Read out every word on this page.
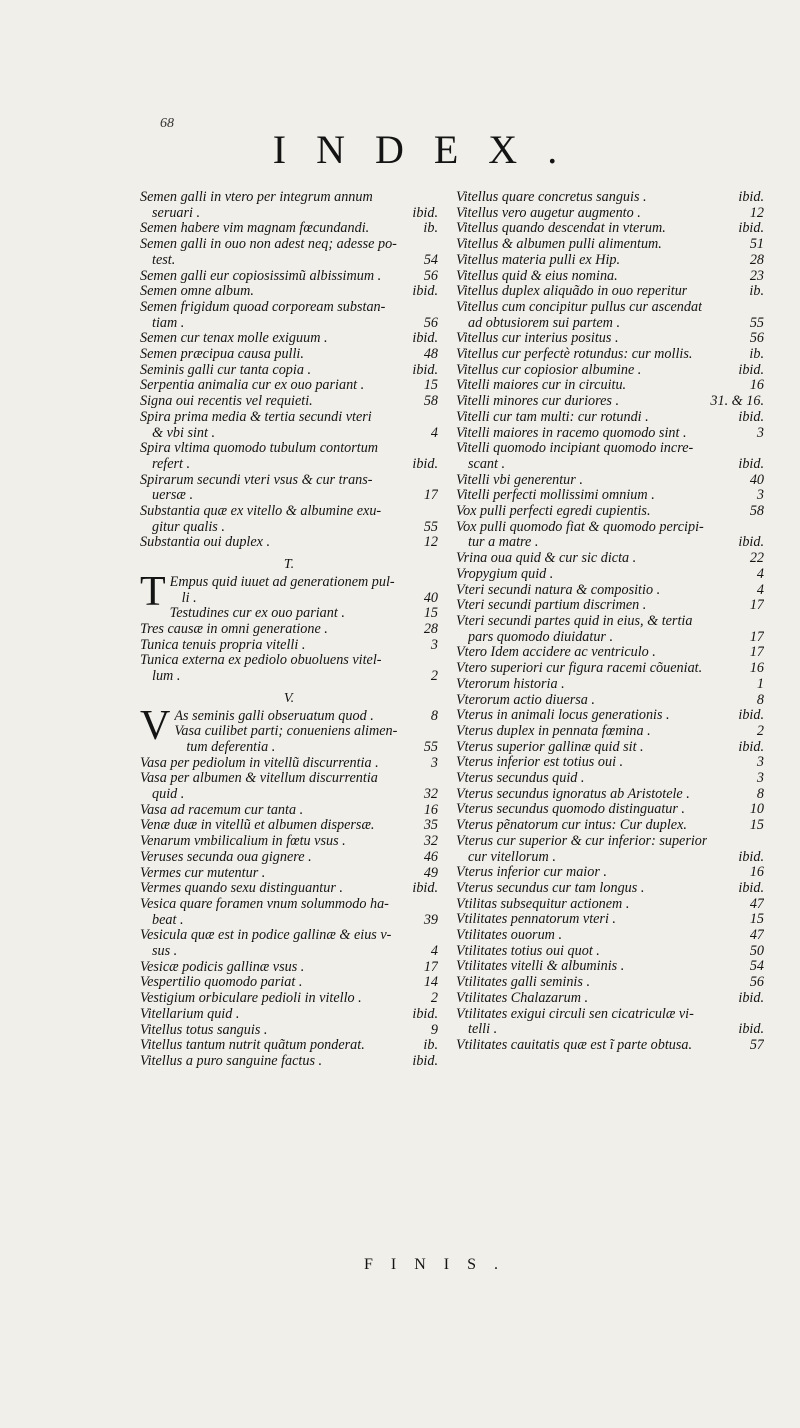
68
INDEX.
Semen galli in vtero per integrum annum
seruari .	ibid.
Semen habere vim magnam fœcundandi.	ib.
Semen galli in ouo non adest neq; adesse po-
test.	54
Semen galli eur copiosissimũ albissimum .	56
Semen omne album.	ibid.
Semen frigidum quoad corpoream substan-
tiam .	56
Semen cur tenax molle exiguum .	ibid.
Semen præcipua causa pulli.	48
Seminis galli cur tanta copia .	ibid.
Serpentia animalia cur ex ouo pariant .	15
Signa oui recentis vel requieti.	58
Spira prima media & tertia secundi vteri
& vbi sint .	4
Spira vltima quomodo tubulum contortum
refert .	ibid.
Spirarum secundi vteri vsus & cur trans-
uersæ .	17
Substantia quæ ex vitello & albumine exu-
gitur qualis .	55
Substantia oui duplex .	12
T.
T Empus quid iuuet ad generationem pul-
li .	40
Testudines cur ex ouo pariant .	15
Tres causæ in omni generatione .	28
Tunica tenuis propria vitelli .	3
Tunica externa ex pediolo obuoluens vitel-
lum .	2
V.
V As seminis galli obseruatum quod .	8
Vasa cuilibet parti; conueniens alimen-
tum deferentia .	55
Vasa per pediolum in vitellũ discurrentia .	3
Vasa per albumen & vitellum discurrentia
quid .	32
Vasa ad racemum cur tanta .	16
Venæ duæ in vitellũ et albumen dispersæ.	35
Venarum vmbilicalium in fœtu vsus .	32
Veruses secunda oua gignere .	46
Vermes cur mutentur .	49
Vermes quando sexu distinguantur .	ibid.
Vesica quare foramen vnum solummodo ha-
beat .	39
Vesicula quæ est in podice gallinæ & eius v-
sus .	4
Vesicæ podicis gallinæ vsus .	17
Vespertilio quomodo pariat .	14
Vestigium orbiculare pedioli in vitello .	2
Vitellarium quid .	ibid.
Vitellus totus sanguis .	9
Vitellus tantum nutrit quãtum ponderat.	ib.
Vitellus a puro sanguine factus .	ibid.
Vitellus quare concretus sanguis .	ibid.
Vitellus vero augetur augmento .	12
Vitellus quando descendat in vterum.	ibid.
Vitellus & albumen pulli alimentum.	51
Vitellus materia pulli ex Hip.	28
Vitellus quid & eius nomina.	23
Vitellus duplex aliquãdo in ouo reperitur	ib.
Vitellus cum concipitur pullus cur ascendat
ad obtusiorem sui partem .	55
Vitellus cur interius positus .	56
Vitellus cur perfectè rotundus: cur mollis.	ib.
Vitellus cur copiosior albumine .	ibid.
Vitelli maiores cur in circuitu.	16
Vitelli minores cur duriores .	31. & 16.
Vitelli cur tam multi: cur rotundi .	ibid.
Vitelli maiores in racemo quomodo sint .	3
Vitelli quomodo incipiant quomodo incre-
scant .	ibid.
Vitelli vbi generentur .	40
Vitelli perfecti mollissimi omnium .	3
Vox pulli perfecti egredi cupientis.	58
Vox pulli quomodo fiat & quomodo percipi-
tur a matre .	ibid.
Vrina oua quid & cur sic dicta .	22
Vropygium quid .	4
Vteri secundi natura & compositio .	4
Vteri secundi partium discrimen .	17
Vteri secundi partes quid in eius, & tertia
pars quomodo diuidatur .	17
Vtero Idem accidere ac ventriculo .	17
Vtero superiori cur figura racemi cõueniat.	16
Vterorum historia .	1
Vterorum actio diuersa .	8
Vterus in animali locus generationis .	ibid.
Vterus duplex in pennata fœmina .	2
Vterus superior gallinæ quid sit .	ibid.
Vterus inferior est totius oui .	3
Vterus secundus quid .	3
Vterus secundus ignoratus ab Aristotele .	8
Vterus secundus quomodo distinguatur .	10
Vterus pẽnatorum cur intus: Cur duplex.	15
Vterus cur superior & cur inferior: superior
cur vitellorum .	ibid.
Vterus inferior cur maior .	16
Vterus secundus cur tam longus .	ibid.
Vtilitas subsequitur actionem .	47
Vtilitates pennatorum vteri .	15
Vtilitates ouorum .	47
Vtilitates totius oui quot .	50
Vtilitates vitelli & albuminis .	54
Vtilitates galli seminis .	56
Vtilitates Chalazarum .	ibid.
Vtilitates exigui circuli sen cicatriculæ vi-
telli .	ibid.
Vtilitates cauitatis quæ est ĩ parte obtusa.	57
FINIS.
